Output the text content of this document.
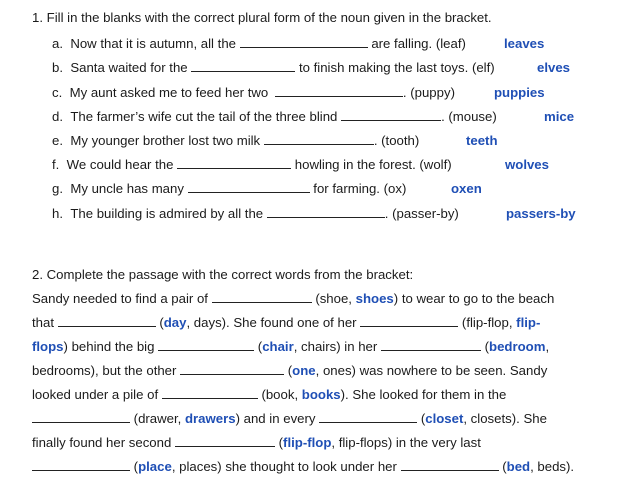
1. Fill in the blanks with the correct plural form of the noun given in the bracket.
a. Now that it is autumn, all the	are falling. (leaf)	leaves
b. Santa waited for the	to finish making the last toys. (elf)	elves
c. My aunt asked me to feed her two	. (puppy)	puppies
d. The farmer’s wife cut the tail of the three blind	. (mouse)	mice
e. My younger brother lost two milk	. (tooth)	teeth
f. We could hear the	howling in the forest. (wolf)	wolves
g. My uncle has many	for farming. (ox)	oxen
h. The building is admired by all the	. (passer-by)	passers-by
2. Complete the passage with the correct words from the bracket:
Sandy needed to find a pair of	(shoe, shoes) to wear to go to the beach
that	(day, days). She found one of her	(flip-flop, flip-
flops) behind the big	(chair, chairs) in her	(bedroom,
bedrooms), but the other	(one, ones) was nowhere to be seen. Sandy
looked under a pile of	(book, books). She looked for them in the
(drawer, drawers) and in every	(closet, closets). She
finally found her second	(flip-flop, flip-flops) in the very last
(place, places) she thought to look under her	(bed, beds).
